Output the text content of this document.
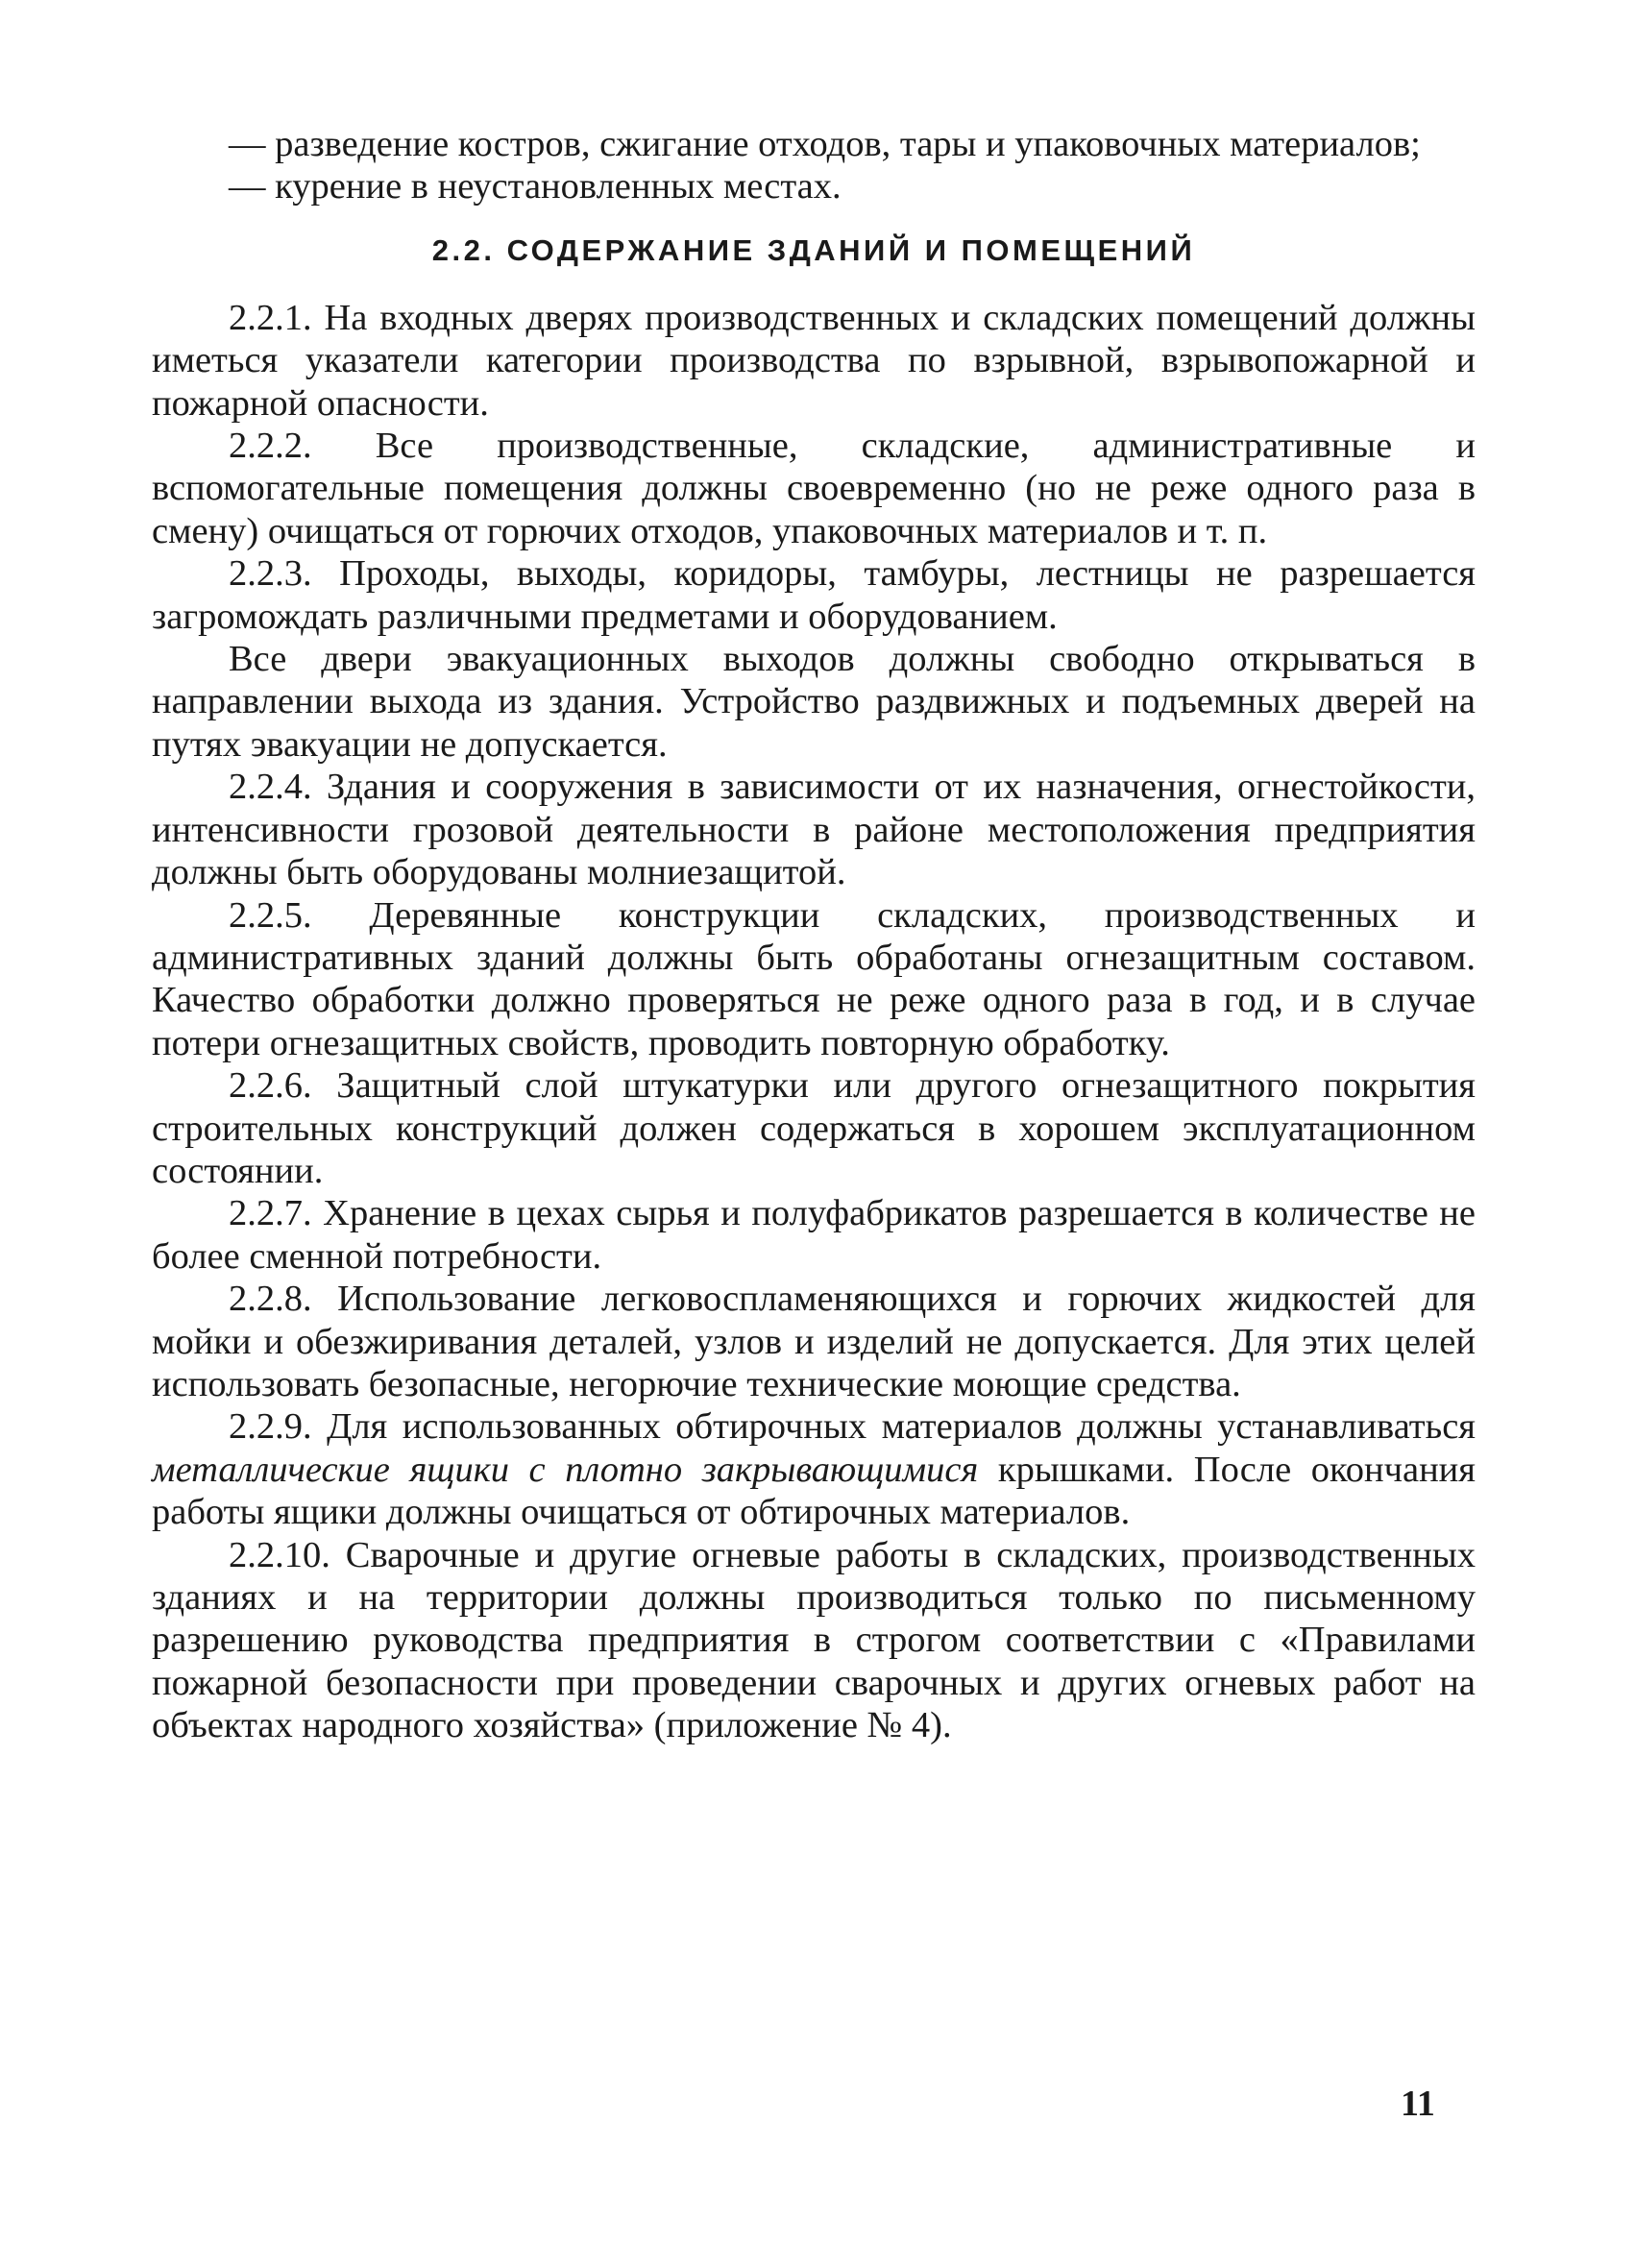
— разведение костров, сжигание отходов, тары и упаковочных материалов;

— курение в неустановленных местах.

2.2. СОДЕРЖАНИЕ ЗДАНИЙ И ПОМЕЩЕНИЙ

2.2.1. На входных дверях производственных и складских помещений должны иметься указатели категории производства по взрывной, взрывопожарной и пожарной опасности.

2.2.2. Все производственные, складские, административные и вспомогательные помещения должны своевременно (но не реже одного раза в смену) очищаться от горючих отходов, упаковочных материалов и т. п.

2.2.3. Проходы, выходы, коридоры, тамбуры, лестницы не разрешается загромождать различными предметами и оборудованием.

Все двери эвакуационных выходов должны свободно открываться в направлении выхода из здания. Устройство раздвижных и подъемных дверей на путях эвакуации не допускается.

2.2.4. Здания и сооружения в зависимости от их назначения, огнестойкости, интенсивности грозовой деятельности в районе местоположения предприятия должны быть оборудованы молниезащитой.

2.2.5. Деревянные конструкции складских, производственных и административных зданий должны быть обработаны огнезащитным составом. Качество обработки должно проверяться не реже одного раза в год, и в случае потери огнезащитных свойств, проводить повторную обработку.

2.2.6. Защитный слой штукатурки или другого огнезащитного покрытия строительных конструкций должен содержаться в хорошем эксплуатационном состоянии.

2.2.7. Хранение в цехах сырья и полуфабрикатов разрешается в количестве не более сменной потребности.

2.2.8. Использование легковоспламеняющихся и горючих жидкостей для мойки и обезжиривания деталей, узлов и изделий не допускается. Для этих целей использовать безопасные, негорючие технические моющие средства.

2.2.9. Для использованных обтирочных материалов должны устанавливаться металлические ящики с плотно закрывающимися крышками. После окончания работы ящики должны очищаться от обтирочных материалов.

2.2.10. Сварочные и другие огневые работы в складских, производственных зданиях и на территории должны производиться только по письменному разрешению руководства предприятия в строгом соответствии с «Правилами пожарной безопасности при проведении сварочных и других огневых работ на объектах народного хозяйства» (приложение № 4).

11
